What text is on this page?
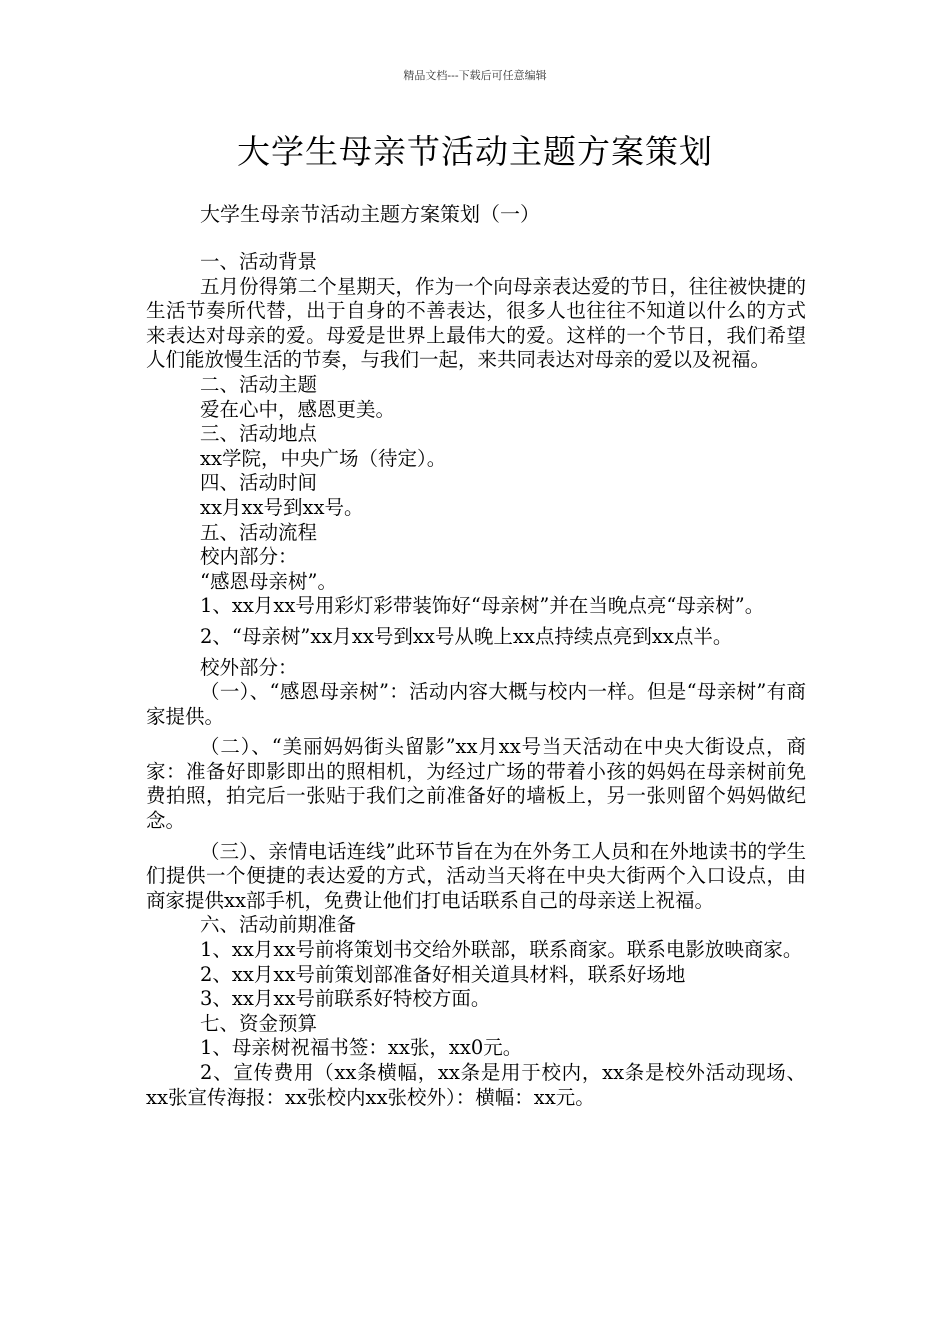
精品文档---下载后可任意编辑
大学生母亲节活动主题方案策划
大学生母亲节活动主题方案策划（一）

一、活动背景

五月份得第二个星期天，作为一个向母亲表达爱的节日，往往被快捷的生活节奏所代替，出于自身的不善表达，很多人也往往不知道以什么的方式来表达对母亲的爱。母爱是世界上最伟大的爱。这样的一个节日，我们希望人们能放慢生活的节奏，与我们一起，来共同表达对母亲的爱以及祝福。

二、活动主题

爱在心中，感恩更美。

三、活动地点

xx学院，中央广场（待定）。

四、活动时间

xx月xx号到xx号。

五、活动流程

校内部分：

“感恩母亲树”。

1、xx月xx号用彩灯彩带装饰好“母亲树”并在当晚点亮“母亲树”。

2、“母亲树”xx月xx号到xx号从晚上xx点持续点亮到xx点半。

校外部分：

（一）、“感恩母亲树”：活动内容大概与校内一样。但是“母亲树”有商家提供。

（二）、“美丽妈妈街头留影”xx月xx号当天活动在中央大街设点，商家：准备好即影即出的照相机，为经过广场的带着小孩的妈妈在母亲树前免费拍照，拍完后一张贴于我们之前准备好的墙板上，另一张则留个妈妈做纪念。

（三）、亲情电话连线”此环节旨在为在外务工人员和在外地读书的学生们提供一个便捷的表达爱的方式，活动当天将在中央大街两个入口设点，由商家提供xx部手机，免费让他们打电话联系自己的母亲送上祝福。

六、活动前期准备

1、xx月xx号前将策划书交给外联部，联系商家。联系电影放映商家。

2、xx月xx号前策划部准备好相关道具材料，联系好场地

3、xx月xx号前联系好特校方面。

七、资金预算

1、母亲树祝福书签：xx张，xx0元。

2、宣传费用（xx条横幅，xx条是用于校内，xx条是校外活动现场、xx张宣传海报：xx张校内xx张校外）：横幅：xx元。
